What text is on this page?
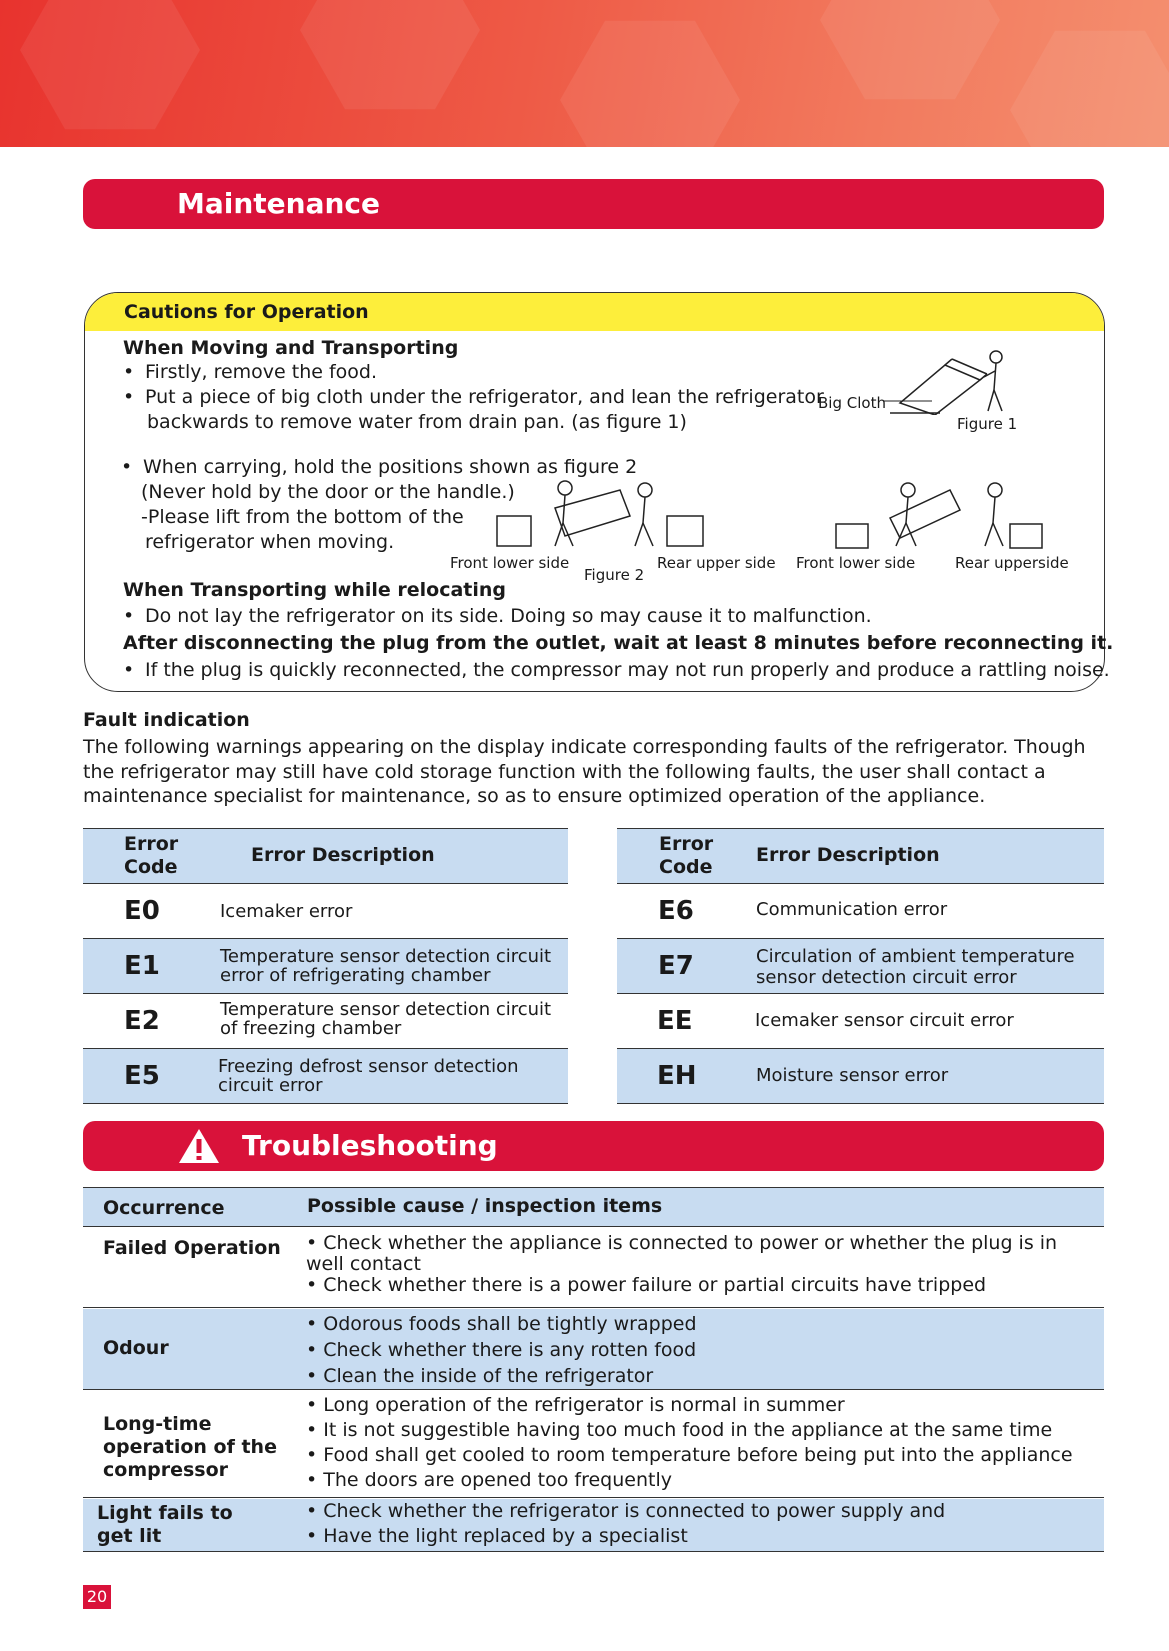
Maintenance
Cautions for Operation
When Moving and Transporting
• Firstly, remove the food.
• Put a piece of big cloth under the refrigerator, and lean the refrigerator
backwards to remove water from drain pan. (as figure 1)
• When carrying, hold the positions shown as figure 2
(Never hold by the door or the handle.)
-Please lift from the bottom of the
refrigerator when moving.
Big Cloth
Figure 1
Front lower side
Figure 2
Rear upper side Front lower side	Rear upperside
When Transporting while relocating
• Do not lay the refrigerator on its side. Doing so may cause it to malfunction.
After disconnecting the plug from the outlet, wait at least 8 minutes before reconnecting it.
• If the plug is quickly reconnected, the compressor may not run properly and produce a rattling noise.
Fault indication
The following warnings appearing on the display indicate corresponding faults of the refrigerator. Though the refrigerator may still have cold storage function with the following faults, the user shall contact a maintenance specialist for maintenance, so as to ensure optimized operation of the appliance.
Error
Code
Error Description
E0	Icemaker error
E1	Temperature sensor detection circuit
error of refrigerating chamber
E2	Temperature sensor detection circuit
of freezing chamber
E5	Freezing defrost sensor detection
circuit error
Error
Code
Error Description
E6	Communication error
E7	Circulation of ambient temperature
sensor detection circuit error
EE	Icemaker sensor circuit error
EH	Moisture sensor error
Troubleshooting
Occurrence	Possible cause / inspection items
Failed Operation • Check whether the appliance is connected to power or whether the plug is in
well contact
• Check whether there is a power failure or partial circuits have tripped
Odour
• Odorous foods shall be tightly wrapped
• Check whether there is any rotten food
• Clean the inside of the refrigerator
Long-time
operation of the
compressor
• Long operation of the refrigerator is normal in summer
• It is not suggestible having too much food in the appliance at the same time
• Food shall get cooled to room temperature before being put into the appliance
• The doors are opened too frequently
Light fails to
get lit
• Check whether the refrigerator is connected to power supply and
• Have the light replaced by a specialist
20
